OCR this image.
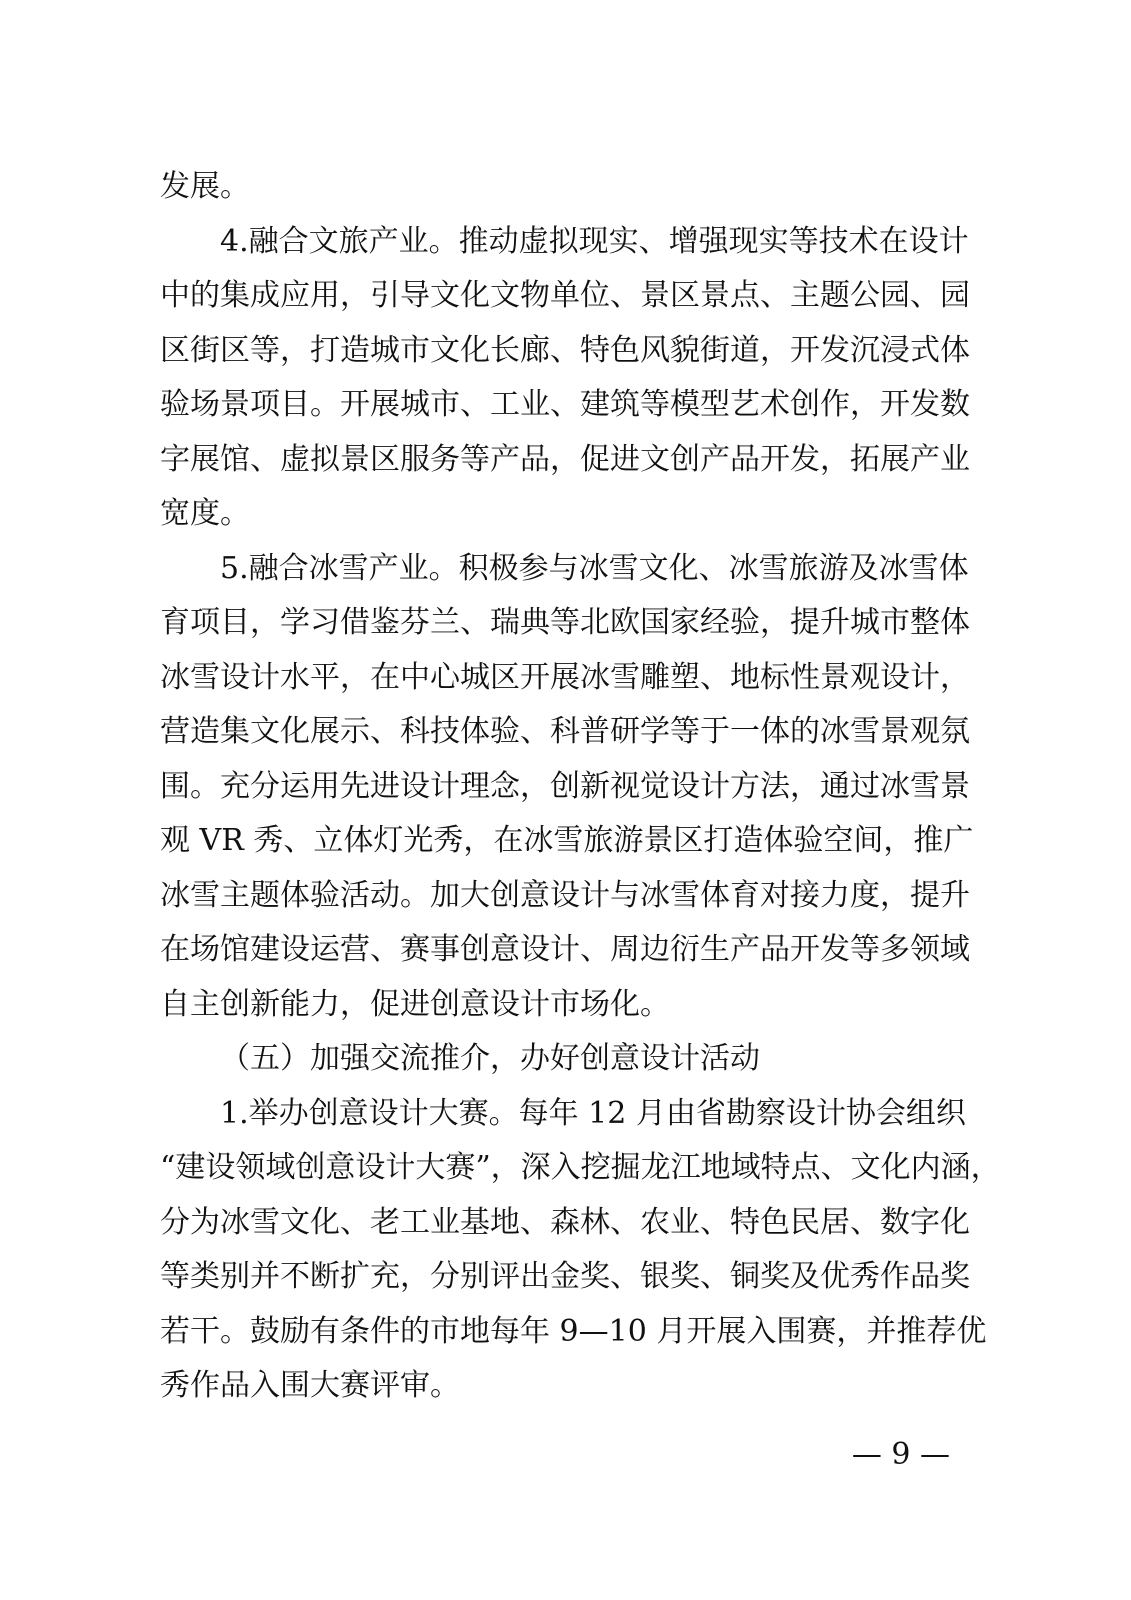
发展。
4.融合文旅产业。推动虚拟现实、增强现实等技术在设计
中的集成应用，引导文化文物单位、景区景点、主题公园、园
区街区等，打造城市文化长廊、特色风貌街道，开发沉浸式体
验场景项目。开展城市、工业、建筑等模型艺术创作，开发数
字展馆、虚拟景区服务等产品，促进文创产品开发，拓展产业
宽度。
5.融合冰雪产业。积极参与冰雪文化、冰雪旅游及冰雪体
育项目，学习借鉴芬兰、瑞典等北欧国家经验，提升城市整体
冰雪设计水平，在中心城区开展冰雪雕塑、地标性景观设计，
营造集文化展示、科技体验、科普研学等于一体的冰雪景观氛
围。充分运用先进设计理念，创新视觉设计方法，通过冰雪景
观 VR 秀、立体灯光秀，在冰雪旅游景区打造体验空间，推广
冰雪主题体验活动。加大创意设计与冰雪体育对接力度，提升
在场馆建设运营、赛事创意设计、周边衍生产品开发等多领域
自主创新能力，促进创意设计市场化。
（五）加强交流推介，办好创意设计活动
1.举办创意设计大赛。每年 12 月由省勘察设计协会组织
“建设领域创意设计大赛”，深入挖掘龙江地域特点、文化内涵，
分为冰雪文化、老工业基地、森林、农业、特色民居、数字化
等类别并不断扩充，分别评出金奖、银奖、铜奖及优秀作品奖
若干。鼓励有条件的市地每年 9—10 月开展入围赛，并推荐优
秀作品入围大赛评审。
— 9 —
